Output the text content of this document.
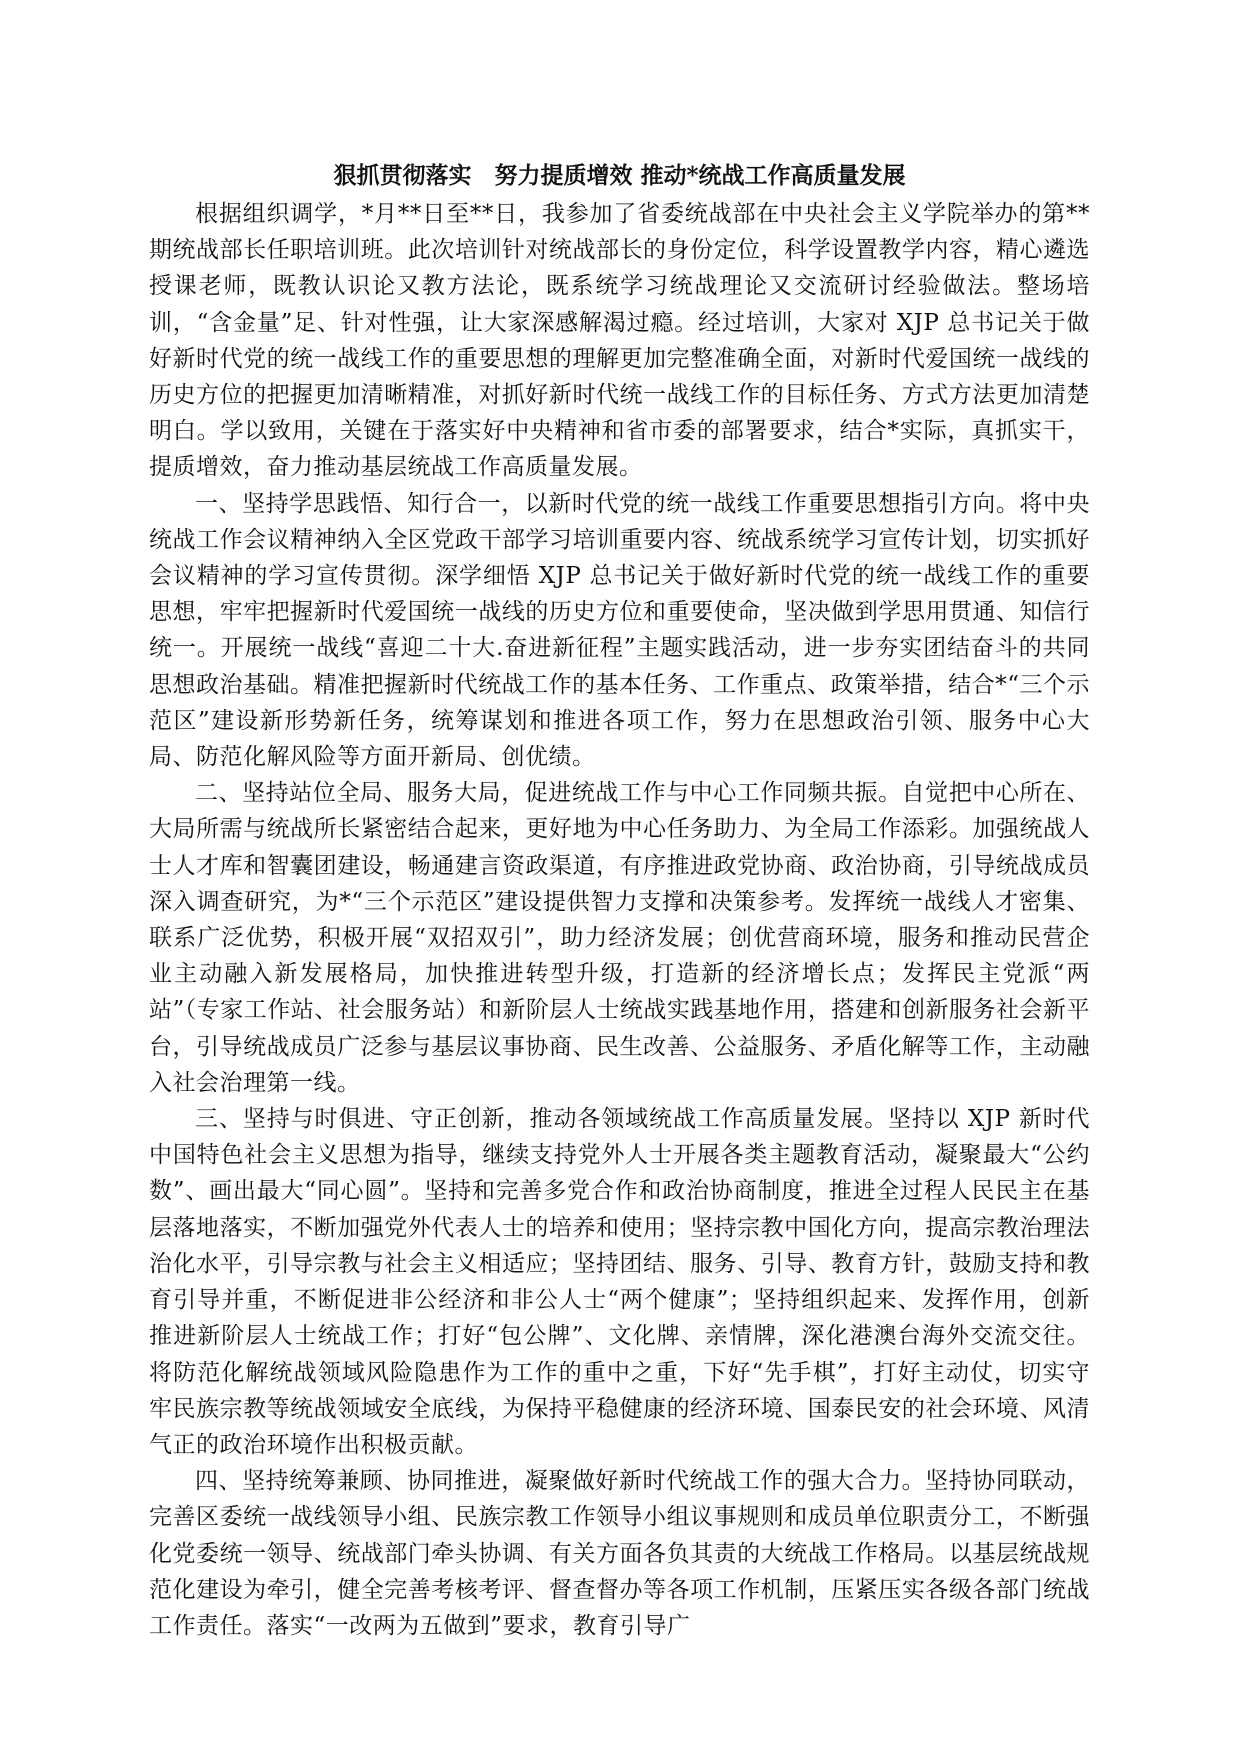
狠抓贯彻落实　努力提质增效 推动*统战工作高质量发展

根据组织调学，*月**日至**日，我参加了省委统战部在中央社会主义学院举办的第**期统战部长任职培训班。此次培训针对统战部长的身份定位，科学设置教学内容，精心遴选授课老师，既教认识论又教方法论，既系统学习统战理论又交流研讨经验做法。整场培训，“含金量”足、针对性强，让大家深感解渴过瘾。经过培训，大家对 XJP 总书记关于做好新时代党的统一战线工作的重要思想的理解更加完整准确全面，对新时代爱国统一战线的历史方位的把握更加清晰精准，对抓好新时代统一战线工作的目标任务、方式方法更加清楚明白。学以致用，关键在于落实好中央精神和省市委的部署要求，结合*实际，真抓实干，提质增效，奋力推动基层统战工作高质量发展。

一、坚持学思践悟、知行合一，以新时代党的统一战线工作重要思想指引方向。将中央统战工作会议精神纳入全区党政干部学习培训重要内容、统战系统学习宣传计划，切实抓好会议精神的学习宣传贯彻。深学细悟 XJP 总书记关于做好新时代党的统一战线工作的重要思想，牢牢把握新时代爱国统一战线的历史方位和重要使命，坚决做到学思用贯通、知信行统一。开展统一战线“喜迎二十大.奋进新征程”主题实践活动，进一步夯实团结奋斗的共同思想政治基础。精准把握新时代统战工作的基本任务、工作重点、政策举措，结合*“三个示范区”建设新形势新任务，统筹谋划和推进各项工作，努力在思想政治引领、服务中心大局、防范化解风险等方面开新局、创优绩。

二、坚持站位全局、服务大局，促进统战工作与中心工作同频共振。自觉把中心所在、大局所需与统战所长紧密结合起来，更好地为中心任务助力、为全局工作添彩。加强统战人士人才库和智囊团建设，畅通建言资政渠道，有序推进政党协商、政治协商，引导统战成员深入调查研究，为*“三个示范区”建设提供智力支撑和决策参考。发挥统一战线人才密集、联系广泛优势，积极开展“双招双引”，助力经济发展；创优营商环境，服务和推动民营企业主动融入新发展格局，加快推进转型升级，打造新的经济增长点；发挥民主党派“两站”（专家工作站、社会服务站）和新阶层人士统战实践基地作用，搭建和创新服务社会新平台，引导统战成员广泛参与基层议事协商、民生改善、公益服务、矛盾化解等工作，主动融入社会治理第一线。

三、坚持与时俱进、守正创新，推动各领域统战工作高质量发展。坚持以 XJP 新时代中国特色社会主义思想为指导，继续支持党外人士开展各类主题教育活动，凝聚最大“公约数”、画出最大“同心圆”。坚持和完善多党合作和政治协商制度，推进全过程人民民主在基层落地落实，不断加强党外代表人士的培养和使用；坚持宗教中国化方向，提高宗教治理法治化水平，引导宗教与社会主义相适应；坚持团结、服务、引导、教育方针，鼓励支持和教育引导并重，不断促进非公经济和非公人士“两个健康”；坚持组织起来、发挥作用，创新推进新阶层人士统战工作；打好“包公牌”、文化牌、亲情牌，深化港澳台海外交流交往。将防范化解统战领域风险隐患作为工作的重中之重，下好“先手棋”，打好主动仗，切实守牢民族宗教等统战领域安全底线，为保持平稳健康的经济环境、国泰民安的社会环境、风清气正的政治环境作出积极贡献。

四、坚持统筹兼顾、协同推进，凝聚做好新时代统战工作的强大合力。坚持协同联动，完善区委统一战线领导小组、民族宗教工作领导小组议事规则和成员单位职责分工，不断强化党委统一领导、统战部门牵头协调、有关方面各负其责的大统战工作格局。以基层统战规范化建设为牵引，健全完善考核考评、督查督办等各项工作机制，压紧压实各级各部门统战工作责任。落实“一改两为五做到”要求，教育引导广
